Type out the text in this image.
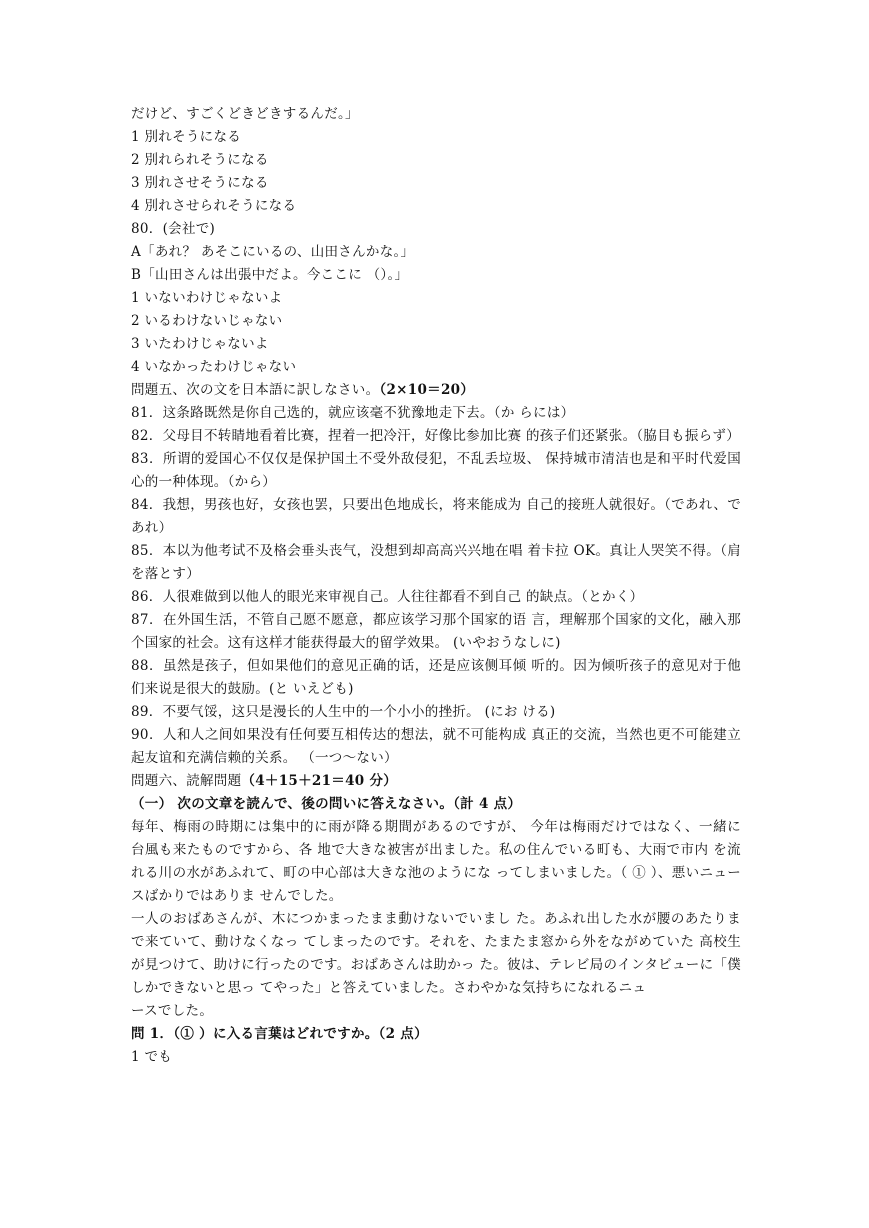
だけど、すごくどきどきするんだ。」
1 別れそうになる
2 別れられそうになる
3 別れさせそうになる
4 別れさせられそうになる
80．(会社で)
A「あれ？ あそこにいるの、山田さんかな。」
B「山田さんは出張中だよ。今ここに （）。」
1 いないわけじゃないよ
2 いるわけないじゃない
3 いたわけじゃないよ
4 いなかったわけじゃない
問題五、次の文を日本語に訳しなさい。（2×10＝20）
81．这条路既然是你自己选的，就应该毫不犹豫地走下去。（か らには）
82．父母目不转睛地看着比赛，捏着一把冷汗，好像比参加比赛 的孩子们还紧张。（脇目も振らず）
83．所谓的爱国心不仅仅是保护国土不受外敌侵犯，不乱丢垃圾、 保持城市清洁也是和平时代爱国心的一种体现。（から）
84．我想，男孩也好，女孩也罢，只要出色地成长，将来能成为 自己的接班人就很好。（であれ、であれ）
85．本以为他考试不及格会垂头丧气，没想到却高高兴兴地在唱 着卡拉 OK。真让人哭笑不得。（肩を落とす）
86．人很难做到以他人的眼光来审视自己。人往往都看不到自己 的缺点。（とかく）
87．在外国生活，不管自己愿不愿意，都应该学习那个国家的语 言，理解那个国家的文化，融入那个国家的社会。这有这样才能获得最大的留学效果。 (いやおうなしに)
88．虽然是孩子，但如果他们的意见正确的话，还是应该侧耳倾 听的。因为倾听孩子的意见对于他们来说是很大的鼓励。(と いえども)
89．不要气馁，这只是漫长的人生中的一个小小的挫折。 (にお ける)
90．人和人之间如果没有任何要互相传达的想法，就不可能构成 真正的交流，当然也更不可能建立起友谊和充满信赖的关系。 （一つ～ない）
問題六、読解問題（4＋15＋21＝40 分）
（一） 次の文章を読んで、後の問いに答えなさい。（計 4 点）
每年、梅雨の時期には集中的に雨が降る期間があるのですが、 今年は梅雨だけではなく、一緒に台風も来たものですから、各 地で大きな被害が出ました。私の住んでいる町も、大雨で市内 を流れる川の水があふれて、町の中心部は大きな池のようにな ってしまいました。（ ① ）、悪いニュースばかりではありま せんでした。
一人のおばあさんが、木につかまったまま動けないでいまし た。あふれ出した水が腰のあたりまで来ていて、動けなくなっ てしまったのです。それを、たまたま窓から外をながめていた 高校生が見つけて、助けに行ったのです。おばあさんは助かっ た。彼は、テレビ局のインタビューに「僕しかできないと思っ てやった」と答えていました。さわやかな気持ちになれるニュ
ースでした。
問 1．（① ）に入る言葉はどれですか。（2 点）
1 でも
